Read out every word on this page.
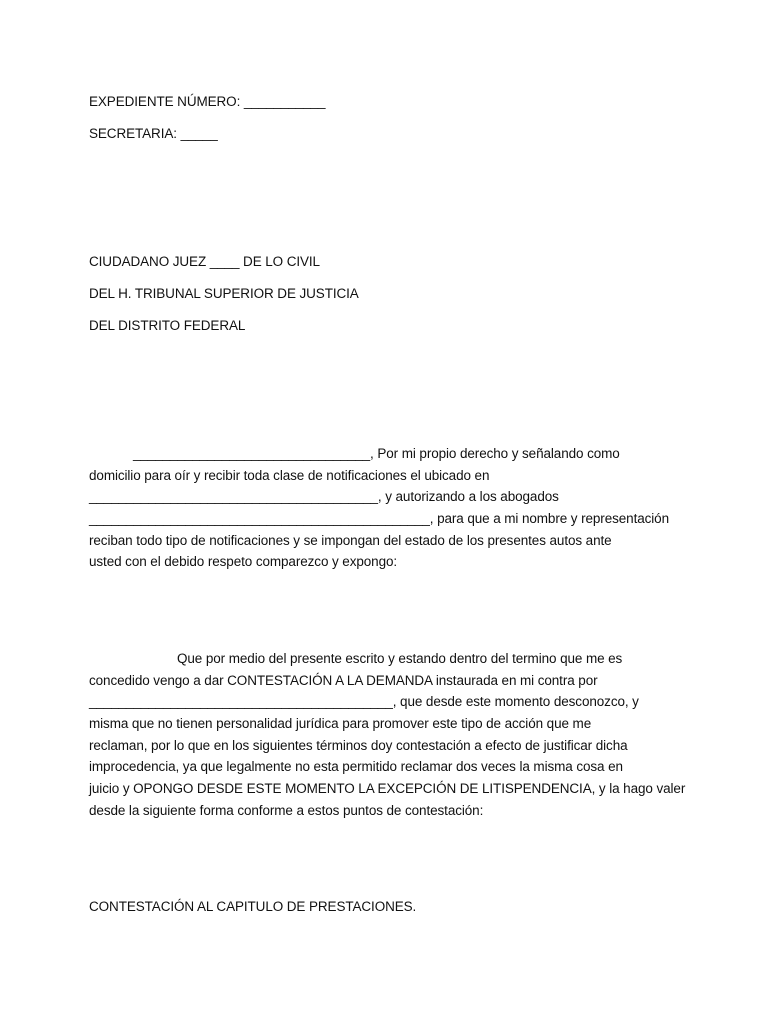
EXPEDIENTE NÚMERO: ___________

SECRETARIA: _____

CIUDADANO JUEZ ____ DE LO CIVIL

DEL H. TRIBUNAL SUPERIOR DE JUSTICIA

DEL DISTRITO FEDERAL

________________________________, Por mi propio derecho y señalando como

domicilio para oír y recibir toda clase de notificaciones el ubicado en

_______________________________________, y autorizando a los abogados

______________________________________________, para que a mi nombre y representación

reciban todo tipo de notificaciones y se impongan del estado de los presentes autos ante

usted con el debido respeto comparezco y expongo:

Que por medio del presente escrito y estando dentro del termino que me es

concedido vengo a dar CONTESTACIÓN A LA DEMANDA instaurada en mi contra por

_________________________________________, que desde este momento desconozco, y

misma que no tienen personalidad jurídica para promover este tipo de acción que me

reclaman, por lo que en los siguientes términos doy contestación a efecto de justificar dicha

improcedencia, ya que legalmente no esta permitido reclamar dos veces la misma cosa en

juicio y OPONGO DESDE ESTE MOMENTO LA EXCEPCIÓN DE LITISPENDENCIA, y la hago valer

desde la siguiente forma conforme a estos puntos de contestación:

CONTESTACIÓN AL CAPITULO DE PRESTACIONES.
